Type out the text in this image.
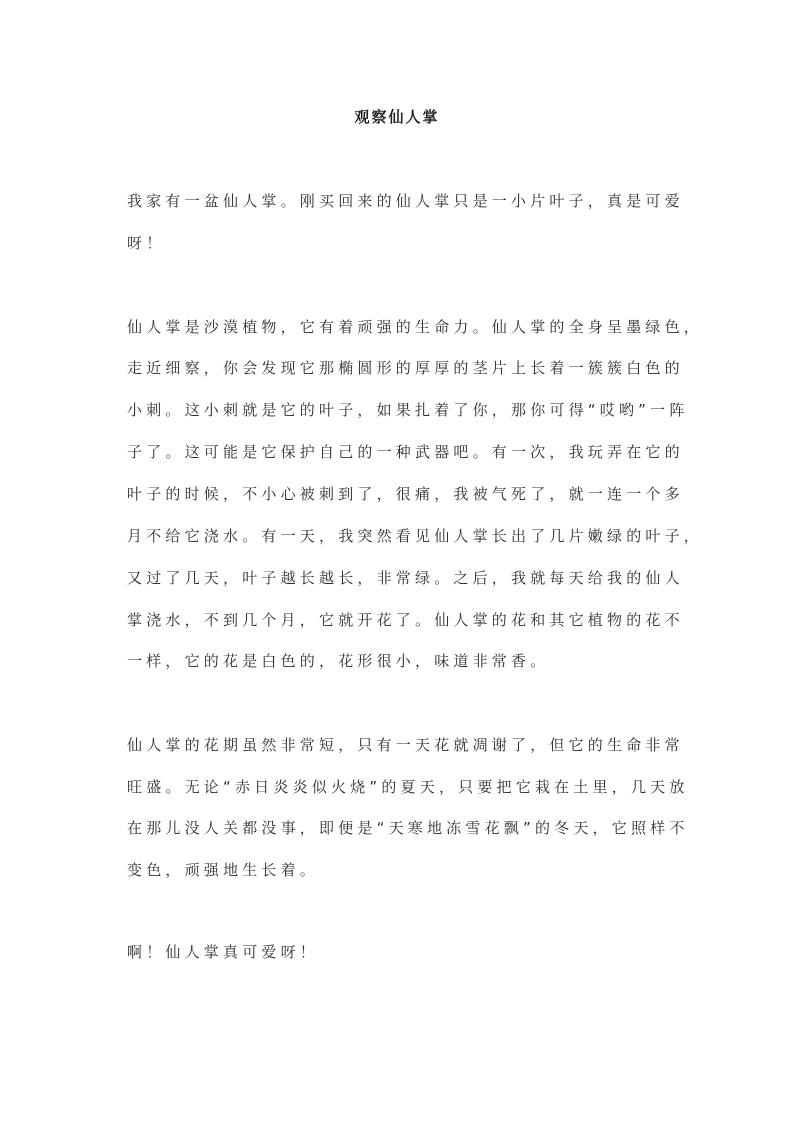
观察仙人掌
我家有一盆仙人掌。刚买回来的仙人掌只是一小片叶子，真是可爱
呀！
仙人掌是沙漠植物，它有着顽强的生命力。仙人掌的全身呈墨绿色，
走近细察，你会发现它那椭圆形的厚厚的茎片上长着一簇簇白色的
小刺。这小刺就是它的叶子，如果扎着了你，那你可得“哎哟”一阵
子了。这可能是它保护自己的一种武器吧。有一次，我玩弄在它的
叶子的时候，不小心被刺到了，很痛，我被气死了，就一连一个多
月不给它浇水。有一天，我突然看见仙人掌长出了几片嫩绿的叶子，
又过了几天，叶子越长越长，非常绿。之后，我就每天给我的仙人
掌浇水，不到几个月，它就开花了。仙人掌的花和其它植物的花不
一样，它的花是白色的，花形很小，味道非常香。
仙人掌的花期虽然非常短，只有一天花就凋谢了，但它的生命非常
旺盛。无论“赤日炎炎似火烧”的夏天，只要把它栽在土里，几天放
在那儿没人关都没事，即便是“天寒地冻雪花飘”的冬天，它照样不
变色，顽强地生长着。
啊！仙人掌真可爱呀！
